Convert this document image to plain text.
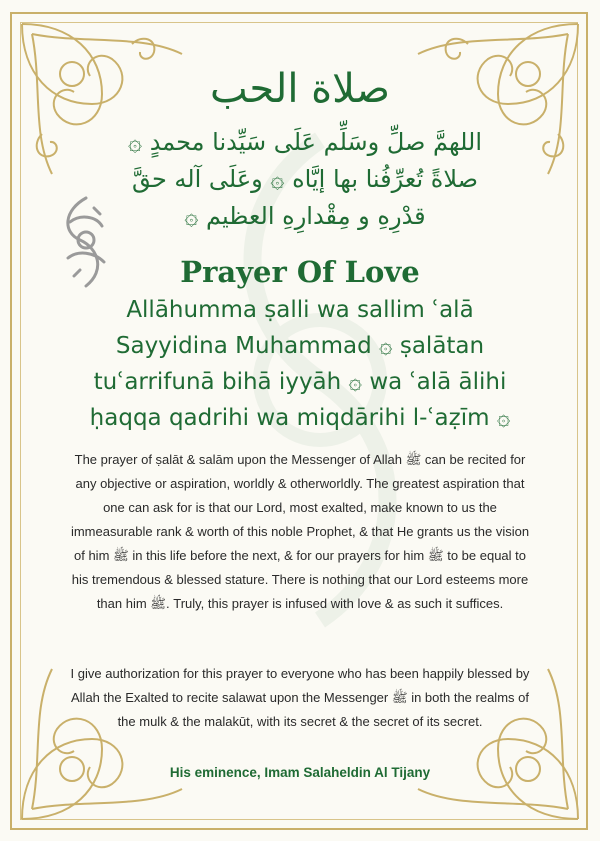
صلاة الحب
اللهمَّ صلِّ وسَلِّم عَلَى سَيِّدنا محمدٍ ۞
صلاةً تُعرِّفُنا بها إيَّاه ۞ وعَلَى آله حقَّ
قدْرِهِ و مِقْدارِهِ العظيم ۞
Prayer Of Love
Allāhumma ṣalli wa sallim ʿalā
Sayyidina Muhammad ۞ ṣalātan
tuʿarrifunā bihā iyyāh ۞ wa ʿalā ālihi
ḥaqqa qadrihi wa miqdārihi l-ʿaẓīm ۞
The prayer of ṣalāt & salām upon the Messenger of Allah ﷺ can be recited for any objective or aspiration, worldly & otherworldly. The greatest aspiration that one can ask for is that our Lord, most exalted, make known to us the immeasurable rank & worth of this noble Prophet, & that He grants us the vision of him ﷺ in this life before the next, & for our prayers for him ﷺ to be equal to his tremendous & blessed stature. There is nothing that our Lord esteems more than him ﷺ. Truly, this prayer is infused with love & as such it suffices.
I give authorization for this prayer to everyone who has been happily blessed by Allah the Exalted to recite salawat upon the Messenger ﷺ in both the realms of the mulk & the malakūt, with its secret & the secret of its secret.
His eminence, Imam Salaheldin Al Tijany
